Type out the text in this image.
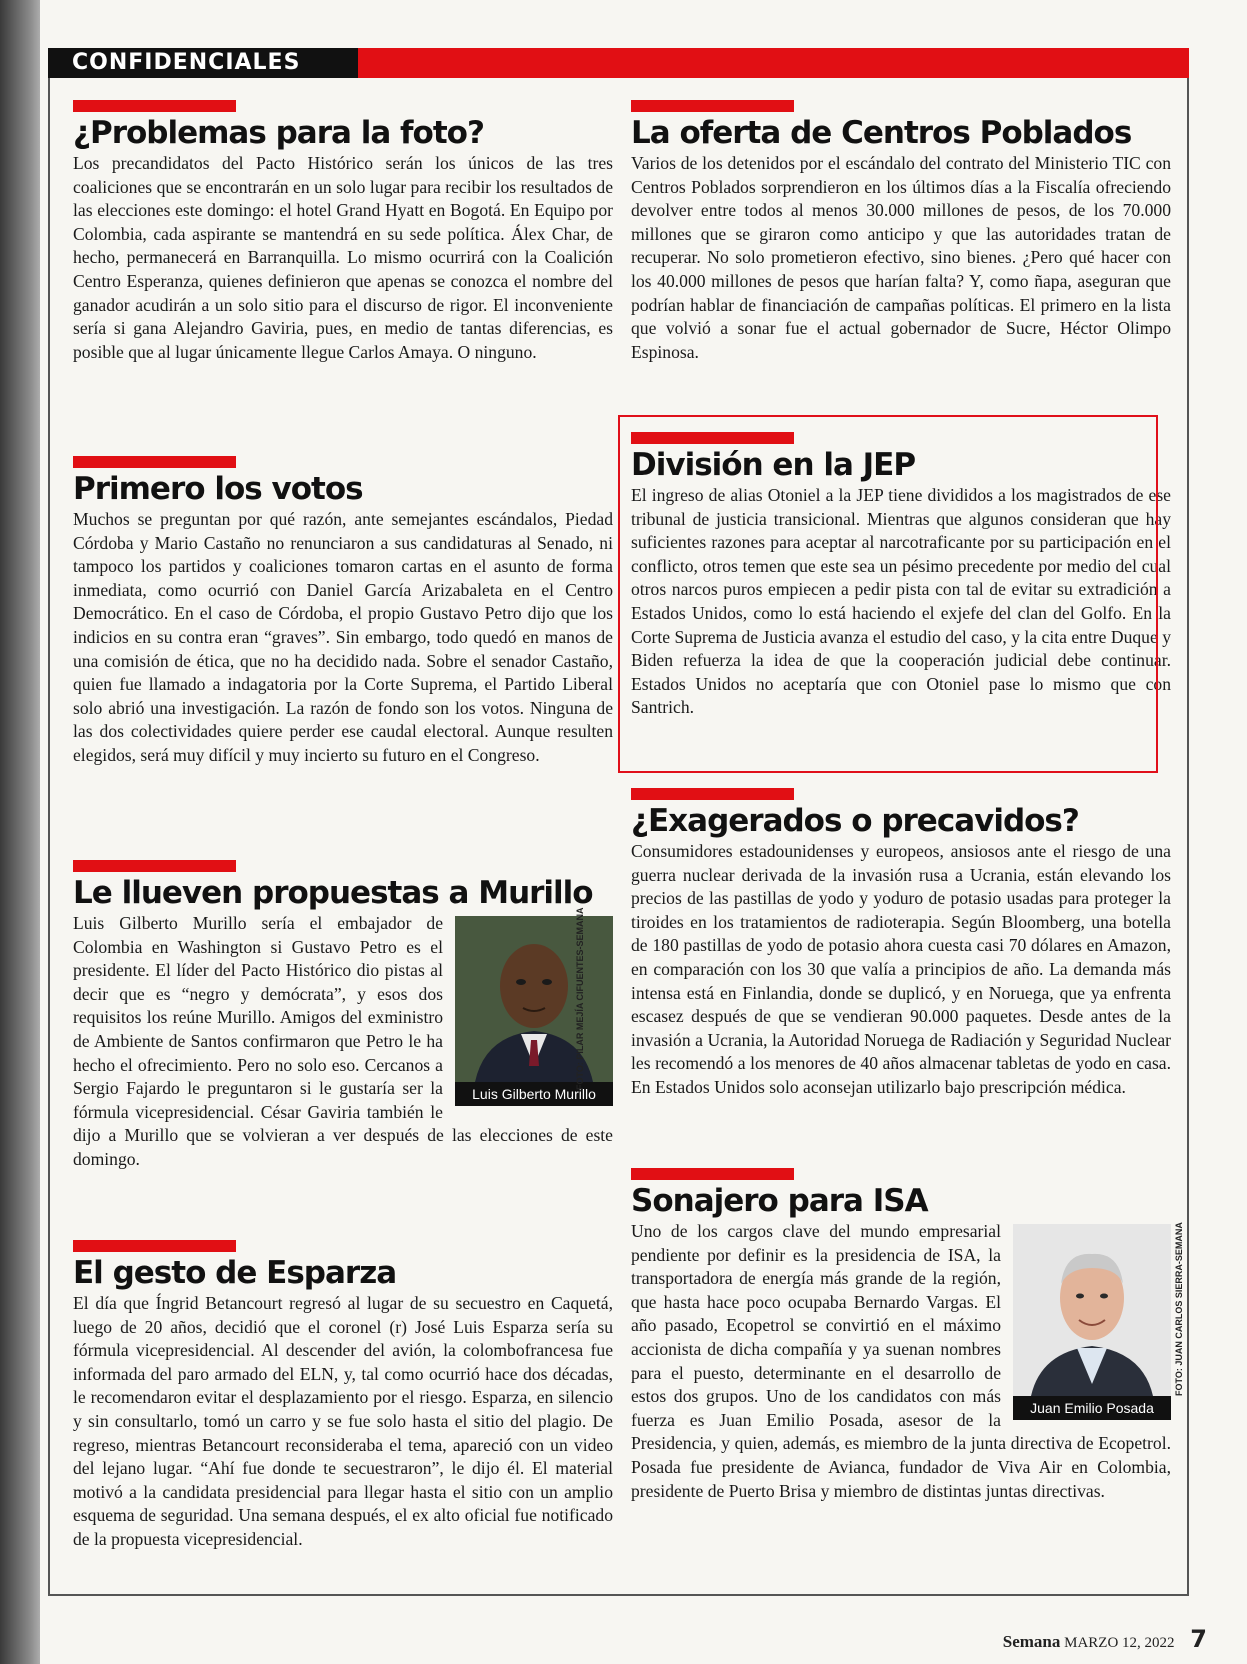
CONFIDENCIALES
¿Problemas para la foto?

Los precandidatos del Pacto Histórico serán los únicos de las tres coaliciones que se encontrarán en un solo lugar para recibir los resultados de las elecciones este domingo: el hotel Grand Hyatt en Bogotá. En Equipo por Colombia, cada aspirante se mantendrá en su sede política. Álex Char, de hecho, permanecerá en Barranquilla. Lo mismo ocurrirá con la Coalición Centro Esperanza, quienes definieron que apenas se conozca el nombre del ganador acudirán a un solo sitio para el discurso de rigor. El inconveniente sería si gana Alejandro Gaviria, pues, en medio de tantas diferencias, es posible que al lugar únicamente llegue Carlos Amaya. O ninguno.

Primero los votos

Muchos se preguntan por qué razón, ante semejantes escándalos, Piedad Córdoba y Mario Castaño no renunciaron a sus candidaturas al Senado, ni tampoco los partidos y coaliciones tomaron cartas en el asunto de forma inmediata, como ocurrió con Daniel García Arizabaleta en el Centro Democrático. En el caso de Córdoba, el propio Gustavo Petro dijo que los indicios en su contra eran “graves”. Sin embargo, todo quedó en manos de una comisión de ética, que no ha decidido nada. Sobre el senador Castaño, quien fue llamado a indagatoria por la Corte Suprema, el Partido Liberal solo abrió una investigación. La razón de fondo son los votos. Ninguna de las dos colectividades quiere perder ese caudal electoral. Aunque resulten elegidos, será muy difícil y muy incierto su futuro en el Congreso.

Le llueven propuestas a Murillo
Luis Gilberto Murillo

Luis Gilberto Murillo sería el embajador de Colombia en Washington si Gustavo Petro es el presidente. El líder del Pacto Histórico dio pistas al decir que es “negro y demócrata”, y esos dos requisitos los reúne Murillo. Amigos del exministro de Ambiente de Santos confirmaron que Petro le ha hecho el ofrecimiento. Pero no solo eso. Cercanos a Sergio Fajardo le preguntaron si le gustaría ser la fórmula vicepresidencial. César Gaviria también le dijo a Murillo que se volvieran a ver después de las elecciones de este domingo.

El gesto de Esparza

El día que Íngrid Betancourt regresó al lugar de su secuestro en Caquetá, luego de 20 años, decidió que el coronel (r) José Luis Esparza sería su fórmula vicepresidencial. Al descender del avión, la colombofrancesa fue informada del paro armado del ELN, y, tal como ocurrió hace dos décadas, le recomendaron evitar el desplazamiento por el riesgo. Esparza, en silencio y sin consultarlo, tomó un carro y se fue solo hasta el sitio del plagio. De regreso, mientras Betancourt reconsideraba el tema, apareció con un video del lejano lugar. “Ahí fue donde te secuestraron”, le dijo él. El material motivó a la candidata presidencial para llegar hasta el sitio con un amplio esquema de seguridad. Una semana después, el ex alto oficial fue notificado de la propuesta vicepresidencial.

FOTO: PILAR MEJÍA CIFUENTES-SEMANA
La oferta de Centros Poblados

Varios de los detenidos por el escándalo del contrato del Ministerio TIC con Centros Poblados sorprendieron en los últimos días a la Fiscalía ofreciendo devolver entre todos al menos 30.000 millones de pesos, de los 70.000 millones que se giraron como anticipo y que las autoridades tratan de recuperar. No solo prometieron efectivo, sino bienes. ¿Pero qué hacer con los 40.000 millones de pesos que harían falta? Y, como ñapa, aseguran que podrían hablar de financiación de campañas políticas. El primero en la lista que volvió a sonar fue el actual gobernador de Sucre, Héctor Olimpo Espinosa.

División en la JEP

El ingreso de alias Otoniel a la JEP tiene divididos a los magistrados de ese tribunal de justicia transicional. Mientras que algunos consideran que hay suficientes razones para aceptar al narcotraficante por su participación en el conflicto, otros temen que este sea un pésimo precedente por medio del cual otros narcos puros empiecen a pedir pista con tal de evitar su extradición a Estados Unidos, como lo está haciendo el exjefe del clan del Golfo. En la Corte Suprema de Justicia avanza el estudio del caso, y la cita entre Duque y Biden refuerza la idea de que la cooperación judicial debe continuar. Estados Unidos no aceptaría que con Otoniel pase lo mismo que con Santrich.

¿Exagerados o precavidos?

Consumidores estadounidenses y europeos, ansiosos ante el riesgo de una guerra nuclear derivada de la invasión rusa a Ucrania, están elevando los precios de las pastillas de yodo y yoduro de potasio usadas para proteger la tiroides en los tratamientos de radioterapia. Según Bloomberg, una botella de 180 pastillas de yodo de potasio ahora cuesta casi 70 dólares en Amazon, en comparación con los 30 que valía a principios de año. La demanda más intensa está en Finlandia, donde se duplicó, y en Noruega, que ya enfrenta escasez después de que se vendieran 90.000 paquetes. Desde antes de la invasión a Ucrania, la Autoridad Noruega de Radiación y Seguridad Nuclear les recomendó a los menores de 40 años almacenar tabletas de yodo en casa. En Estados Unidos solo aconsejan utilizarlo bajo prescripción médica.

Sonajero para ISA
Juan Emilio Posada

Uno de los cargos clave del mundo empresarial pendiente por definir es la presidencia de ISA, la transportadora de energía más grande de la región, que hasta hace poco ocupaba Bernardo Vargas. El año pasado, Ecopetrol se convirtió en el máximo accionista de dicha compañía y ya suenan nombres para el puesto, determinante en el desarrollo de estos dos grupos. Uno de los candidatos con más fuerza es Juan Emilio Posada, asesor de la Presidencia, y quien, además, es miembro de la junta directiva de Ecopetrol. Posada fue presidente de Avianca, fundador de Viva Air en Colombia, presidente de Puerto Brisa y miembro de distintas juntas directivas.

FOTO: JUAN CARLOS SIERRA-SEMANA
Semana MARZO 12, 2022 7
